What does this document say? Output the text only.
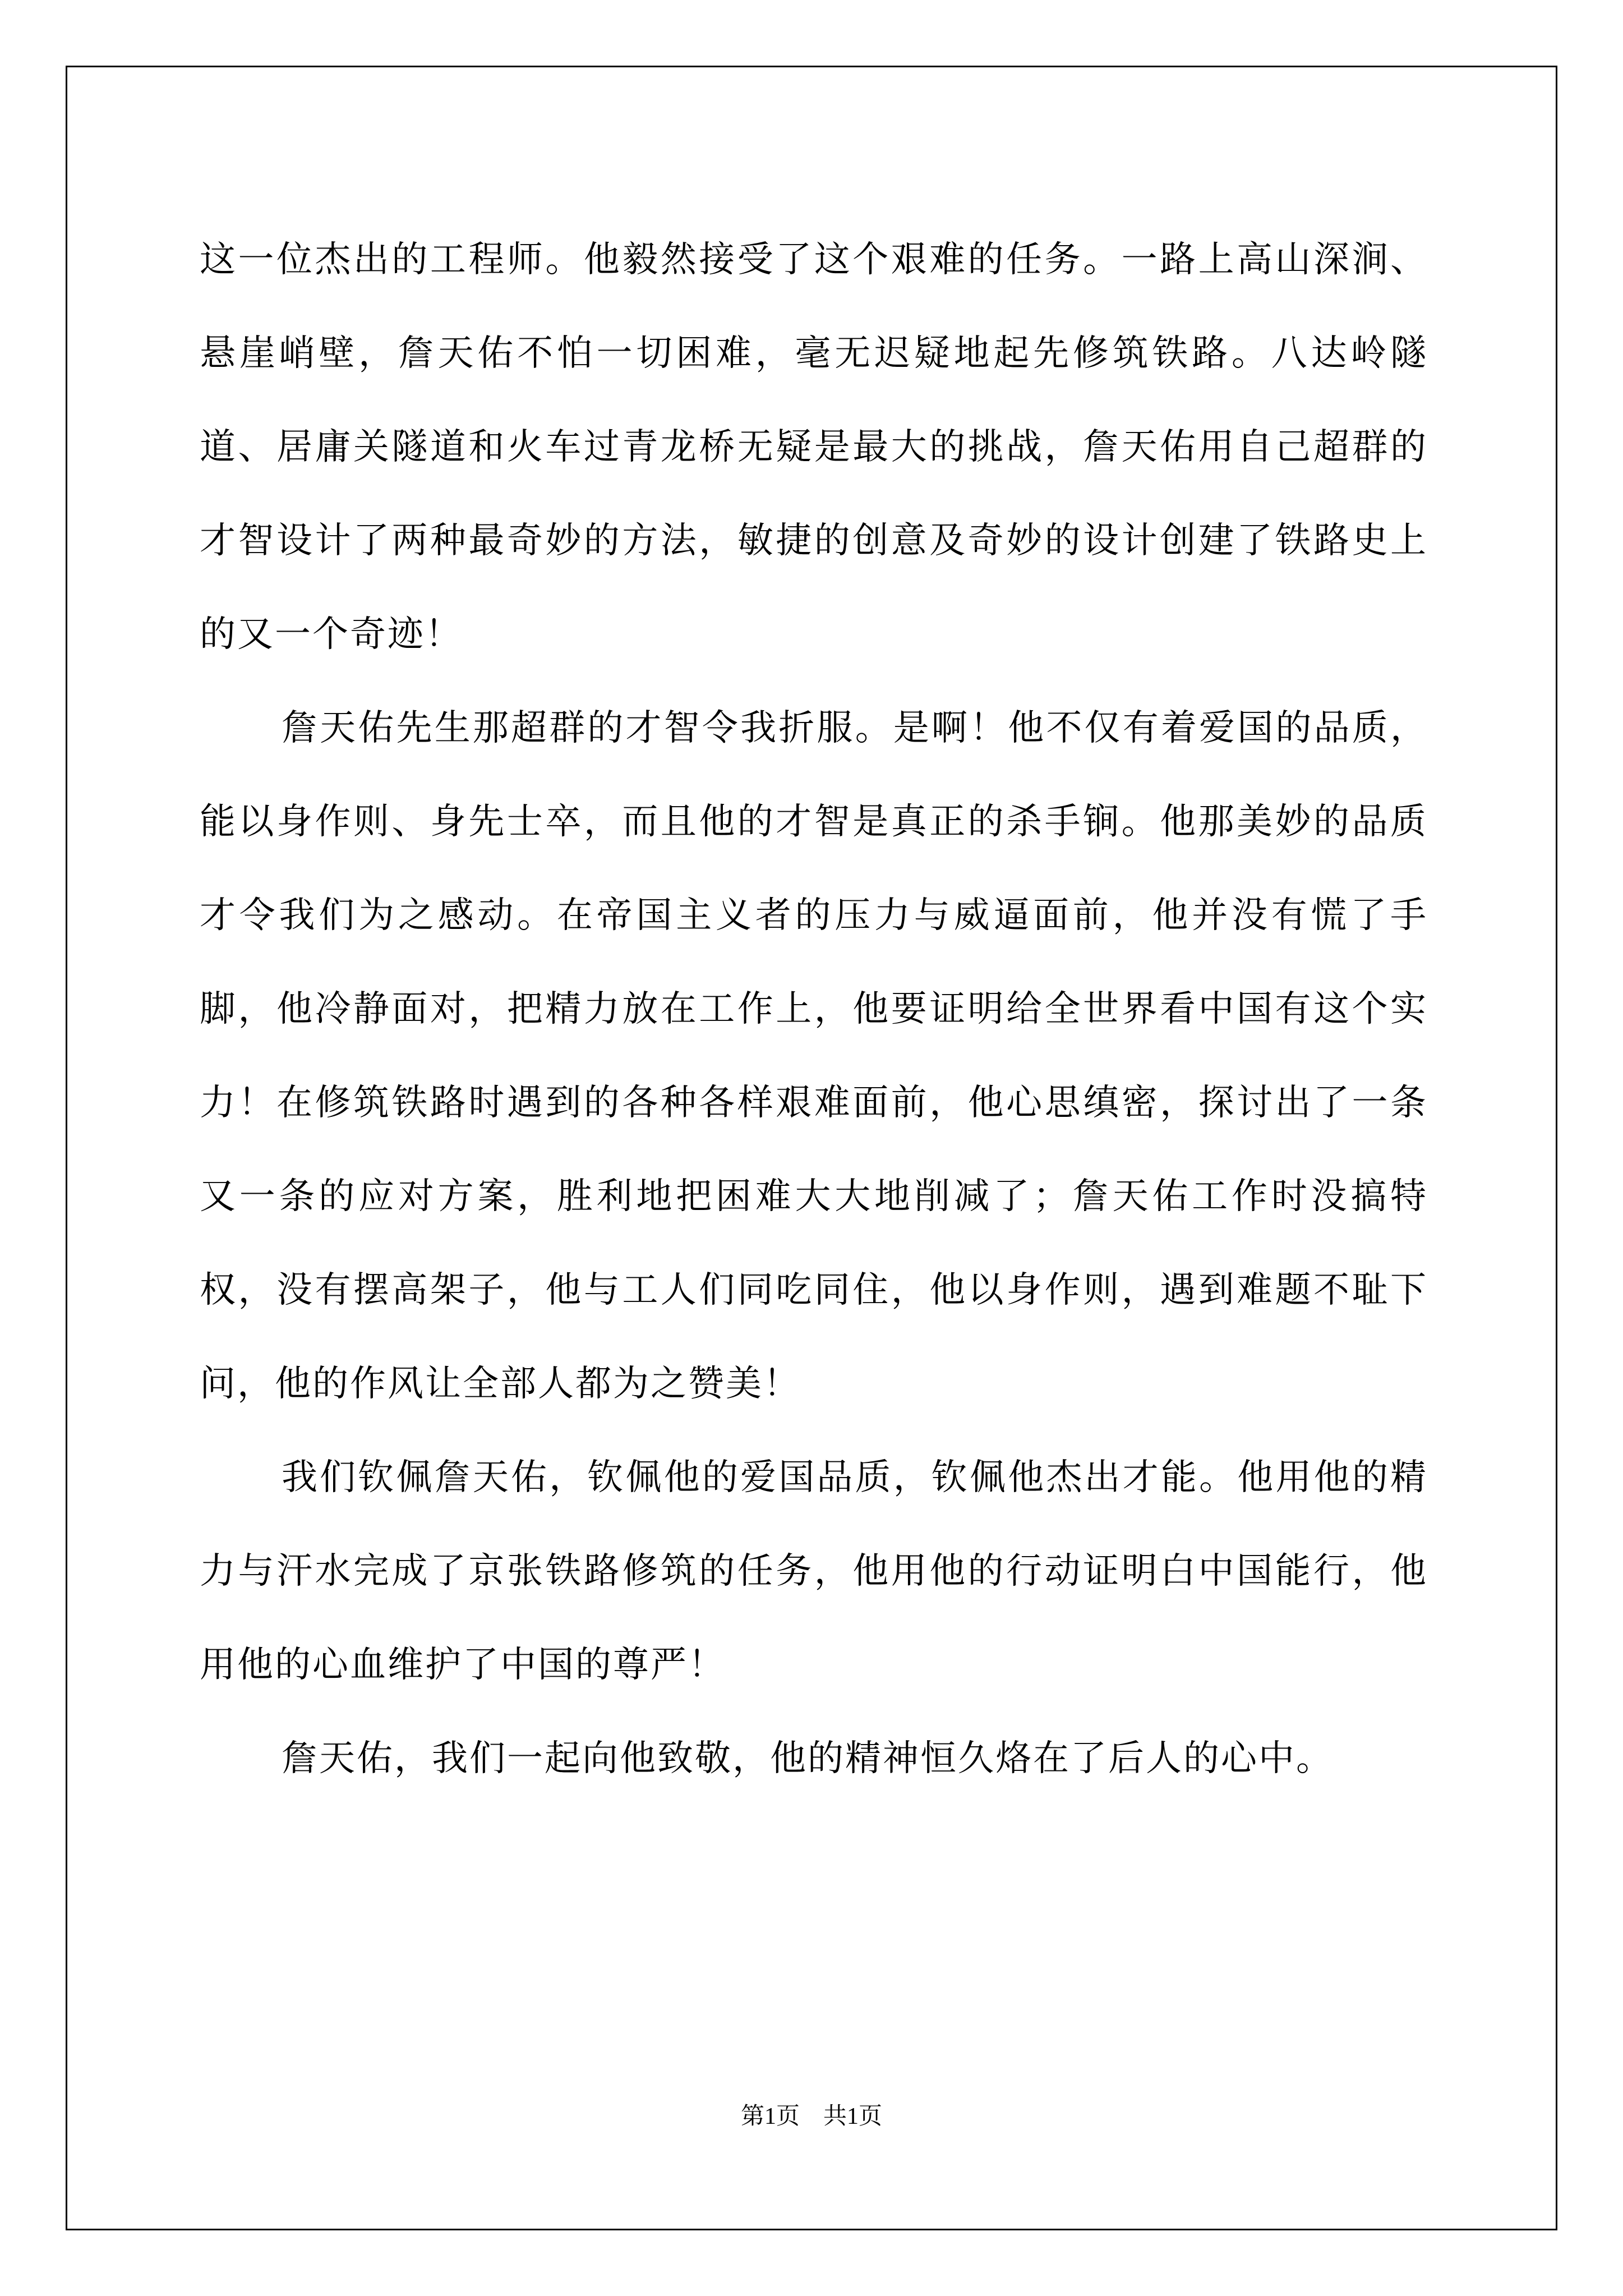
这一位杰出的工程师。他毅然接受了这个艰难的任务。一路上高山深涧、悬崖峭壁，詹天佑不怕一切困难，毫无迟疑地起先修筑铁路。八达岭隧道、居庸关隧道和火车过青龙桥无疑是最大的挑战，詹天佑用自己超群的才智设计了两种最奇妙的方法，敏捷的创意及奇妙的设计创建了铁路史上的又一个奇迹！

詹天佑先生那超群的才智令我折服。是啊！他不仅有着爱国的品质，能以身作则、身先士卒，而且他的才智是真正的杀手锏。他那美妙的品质才令我们为之感动。在帝国主义者的压力与威逼面前，他并没有慌了手脚，他冷静面对，把精力放在工作上，他要证明给全世界看中国有这个实力！在修筑铁路时遇到的各种各样艰难面前，他心思缜密，探讨出了一条又一条的应对方案，胜利地把困难大大地削减了；詹天佑工作时没搞特权，没有摆高架子，他与工人们同吃同住，他以身作则，遇到难题不耻下问，他的作风让全部人都为之赞美！

我们钦佩詹天佑，钦佩他的爱国品质，钦佩他杰出才能。他用他的精力与汗水完成了京张铁路修筑的任务，他用他的行动证明白中国能行，他用他的心血维护了中国的尊严！

詹天佑，我们一起向他致敬，他的精神恒久烙在了后人的心中。

第1页　共1页
